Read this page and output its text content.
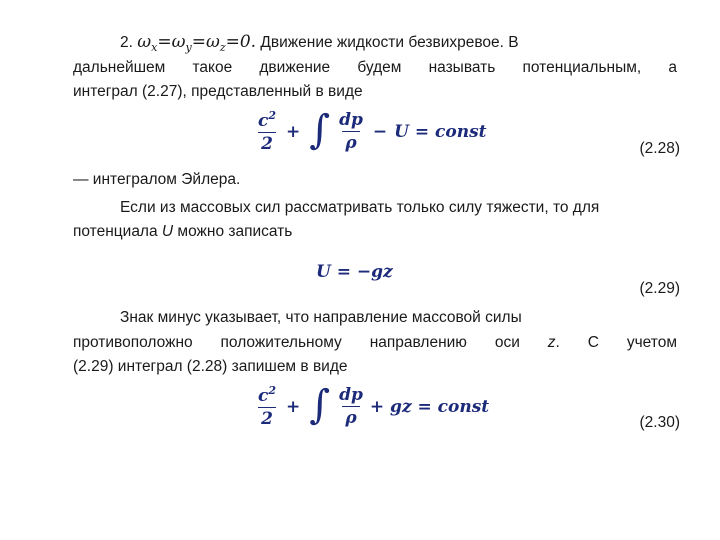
2. $\omega_x=\omega_y=\omega_z=0$. Движение жидкости безвихревое. В
дальнейшем такое движение будем называть потенциальным, а
интеграл (2.27), представленный в виде
$\frac{c^2}{2}$ + ∫ $\frac{dp}{\rho} - U$ = const
(2.28)
— интегралом Эйлера.
Если из массовых сил рассматривать только силу тяжести, то для
потенциала U можно записать
U = −gz
(2.29)
Знак минус указывает, что направление массовой силы
противоположно положительному направлению оси z. С учетом
(2.29) интеграл (2.28) запишем в виде
$\frac{c^2}{2}$ + ∫ $\frac{dp}{\rho}$ + gz = const
(2.30)
